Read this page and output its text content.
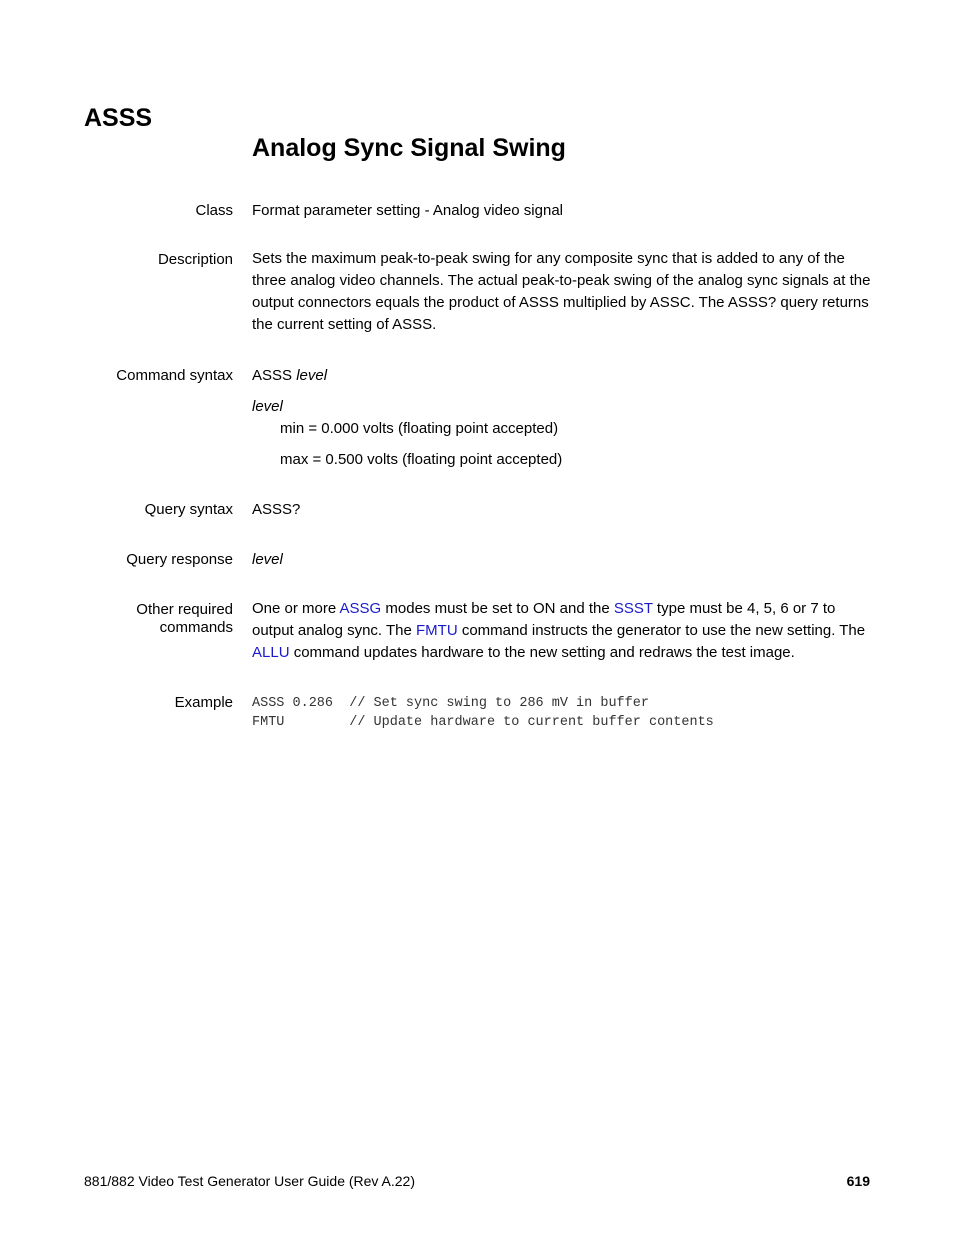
ASSS
Analog Sync Signal Swing
Class Format parameter setting - Analog video signal
Description Sets the maximum peak-to-peak swing for any composite sync that is added to any of the three analog video channels. The actual peak-to-peak swing of the analog sync signals at the output connectors equals the product of ASSS multiplied by ASSC. The ASSS? query returns the current setting of ASSS.
Command syntax ASSS level
level
min = 0.000 volts (floating point accepted)
max = 0.500 volts (floating point accepted)
Query syntax ASSS?
Query response level
Other required
commands
One or more ASSG modes must be set to ON and the SSST type must be 4, 5, 6 or 7 to output analog sync. The FMTU command instructs the generator to use the new setting. The ALLU command updates hardware to the new setting and redraws the test image.
Example ASSS 0.286  // Set sync swing to 286 mV in buffer
FMTU        // Update hardware to current buffer contents
881/882 Video Test Generator User Guide (Rev A.22)	619
